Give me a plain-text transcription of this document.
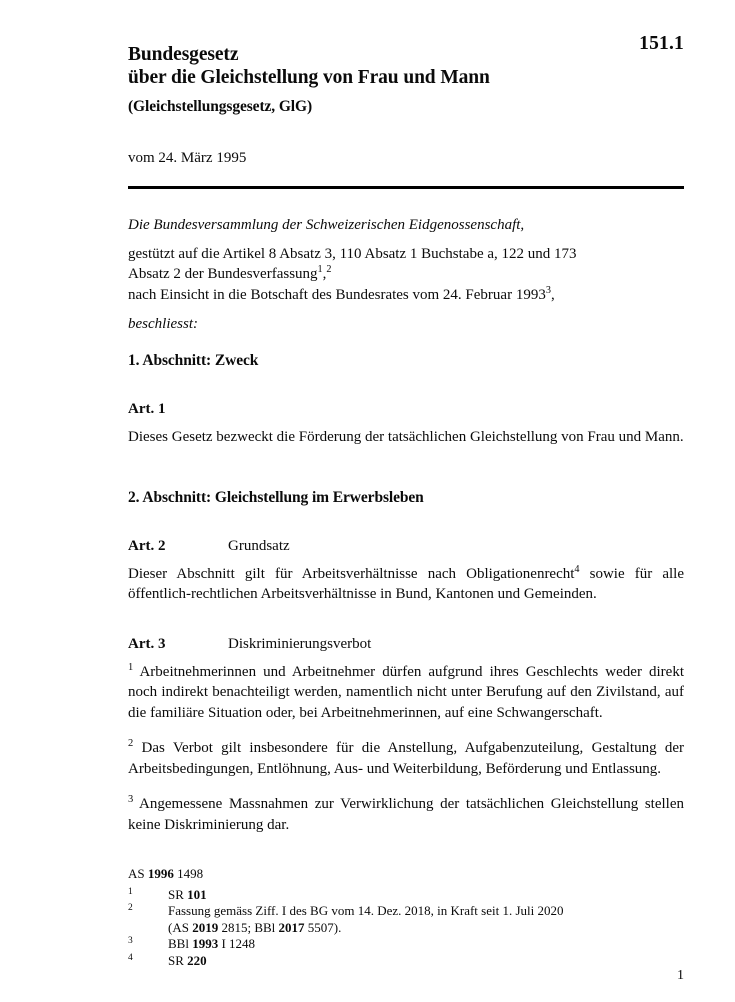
151.1
Bundesgesetz
über die Gleichstellung von Frau und Mann
(Gleichstellungsgesetz, GlG)
vom 24. März 1995
Die Bundesversammlung der Schweizerischen Eidgenossenschaft,
gestützt auf die Artikel 8 Absatz 3, 110 Absatz 1 Buchstabe a, 122 und 173
Absatz 2 der Bundesverfassung$^1$,$^2$
nach Einsicht in die Botschaft des Bundesrates vom 24. Februar 1993$^3$,
beschliesst:
1. Abschnitt: Zweck
Art. 1
Dieses Gesetz bezweckt die Förderung der tatsächlichen Gleichstellung von Frau und Mann.
2. Abschnitt: Gleichstellung im Erwerbsleben
Art. 2	Grundsatz
Dieser Abschnitt gilt für Arbeitsverhältnisse nach Obligationenrecht$^4$ sowie für alle öffentlich-rechtlichen Arbeitsverhältnisse in Bund, Kantonen und Gemeinden.
Art. 3	Diskriminierungsverbot
$^1$ Arbeitnehmerinnen und Arbeitnehmer dürfen aufgrund ihres Geschlechts weder direkt noch indirekt benachteiligt werden, namentlich nicht unter Berufung auf den Zivilstand, auf die familiäre Situation oder, bei Arbeitnehmerinnen, auf eine Schwangerschaft.
$^2$ Das Verbot gilt insbesondere für die Anstellung, Aufgabenzuteilung, Gestaltung der Arbeitsbedingungen, Entlöhnung, Aus- und Weiterbildung, Beförderung und Entlassung.
$^3$ Angemessene Massnahmen zur Verwirklichung der tatsächlichen Gleichstellung stellen keine Diskriminierung dar.
AS 1996 1498
1	SR 101
2	Fassung gemäss Ziff. I des BG vom 14. Dez. 2018, in Kraft seit 1. Juli 2020
(AS 2019 2815; BBl 2017 5507).
3	BBl 1993 I 1248
4	SR 220
1
